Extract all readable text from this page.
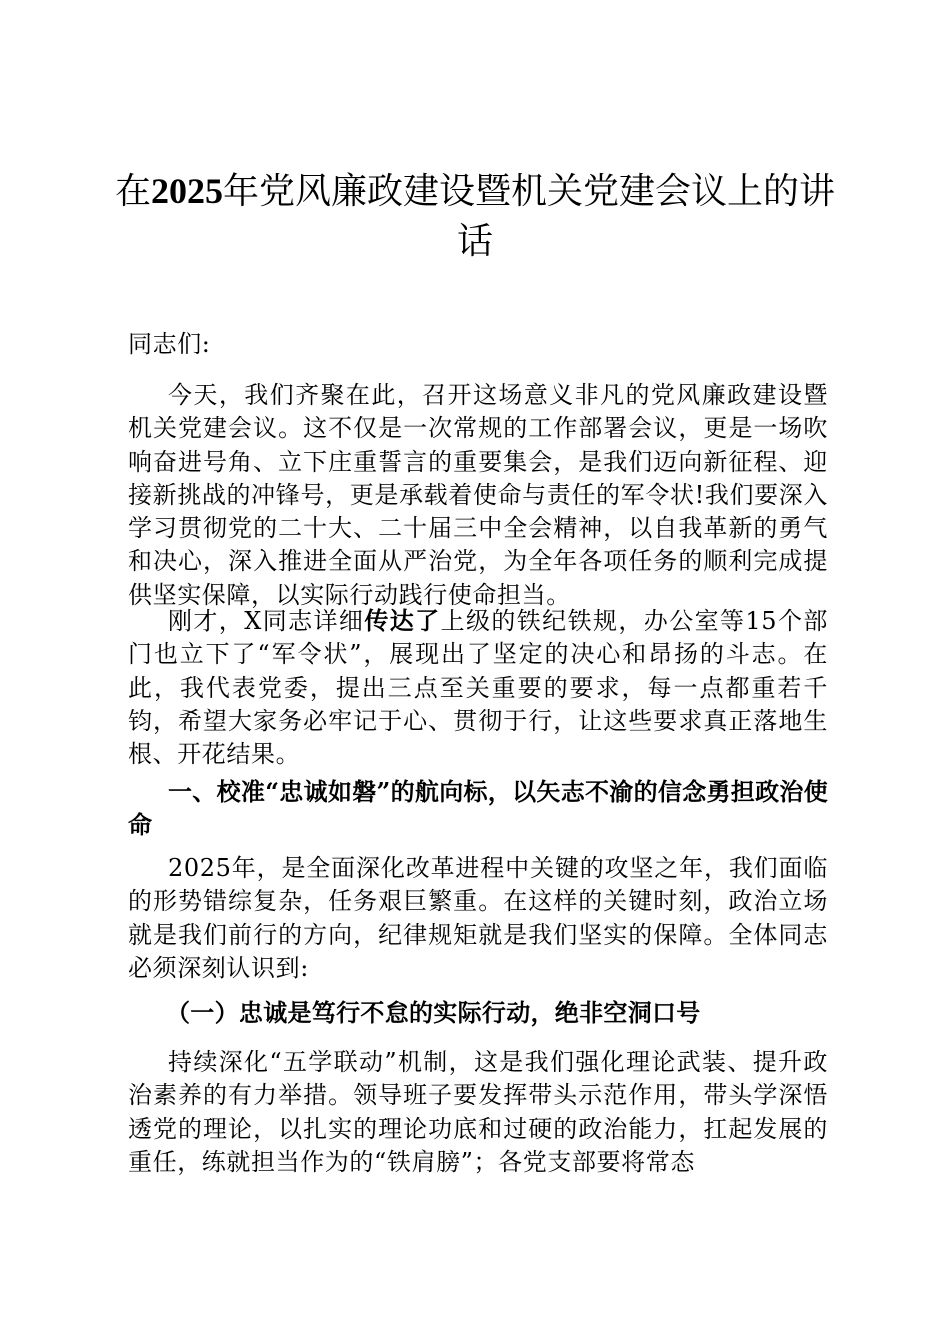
在2025年党风廉政建设暨机关党建会议上的讲话

同志们:

今天，我们齐聚在此，召开这场意义非凡的党风廉政建设暨机关党建会议。这不仅是一次常规的工作部署会议，更是一场吹响奋进号角、立下庄重誓言的重要集会，是我们迈向新征程、迎接新挑战的冲锋号，更是承载着使命与责任的军令状!我们要深入学习贯彻党的二十大、二十届三中全会精神，以自我革新的勇气和决心，深入推进全面从严治党，为全年各项任务的顺利完成提供坚实保障，以实际行动践行使命担当。

刚才，X同志详细传达了上级的铁纪铁规，办公室等15个部门也立下了“军令状”，展现出了坚定的决心和昂扬的斗志。在此，我代表党委，提出三点至关重要的要求，每一点都重若千钧，希望大家务必牢记于心、贯彻于行，让这些要求真正落地生根、开花结果。

一、校准“忠诚如磐”的航向标，以矢志不渝的信念勇担政治使命

2025年，是全面深化改革进程中关键的攻坚之年，我们面临的形势错综复杂，任务艰巨繁重。在这样的关键时刻，政治立场就是我们前行的方向，纪律规矩就是我们坚实的保障。全体同志必须深刻认识到:

（一）忠诚是笃行不怠的实际行动，绝非空洞口号

持续深化“五学联动”机制，这是我们强化理论武装、提升政治素养的有力举措。领导班子要发挥带头示范作用，带头学深悟透党的理论，以扎实的理论功底和过硬的政治能力，扛起发展的重任，练就担当作为的“铁肩膀”；各党支部要将常态
